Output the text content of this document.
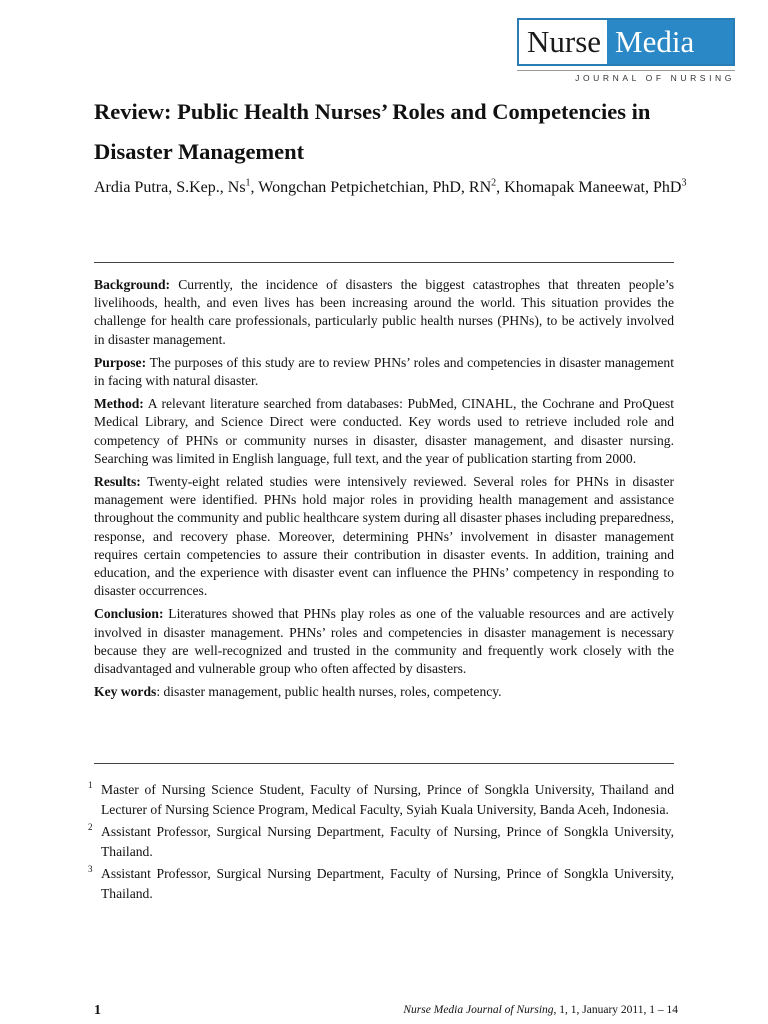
Nurse Media
JOURNAL OF NURSING
Review: Public Health Nurses’ Roles and Competencies in Disaster Management

Ardia Putra, S.Kep., Ns$^1$, Wongchan Petpichetchian, PhD, $RN^2$, Khomapak Maneewat, PhD$^3$

Background: Currently, the incidence of disasters the biggest catastrophes that threaten people’s livelihoods, health, and even lives has been increasing around the world. This situation provides the challenge for health care professionals, particularly public health nurses (PHNs), to be actively involved in disaster management.

Purpose: The purposes of this study are to review PHNs’ roles and competencies in disaster management in facing with natural disaster.

Method: A relevant literature searched from databases: PubMed, CINAHL, the Cochrane and ProQuest Medical Library, and Science Direct were conducted. Key words used to retrieve included role and competency of PHNs or community nurses in disaster, disaster management, and disaster nursing. Searching was limited in English language, full text, and the year of publication starting from 2000.

Results: Twenty-eight related studies were intensively reviewed. Several roles for PHNs in disaster management were identified. PHNs hold major roles in providing health management and assistance throughout the community and public healthcare system during all disaster phases including preparedness, response, and recovery phase. Moreover, determining PHNs’ involvement in disaster management requires certain competencies to assure their contribution in disaster events. In addition, training and education, and the experience with disaster event can influence the PHNs’ competency in responding to disaster occurrences.

Conclusion: Literatures showed that PHNs play roles as one of the valuable resources and are actively involved in disaster management. PHNs’ roles and competencies in disaster management is necessary because they are well-recognized and trusted in the community and frequently work closely with the disadvantaged and vulnerable group who often affected by disasters.

Key words: disaster management, public health nurses, roles, competency.

1 Master of Nursing Science Student, Faculty of Nursing, Prince of Songkla University, Thailand and Lecturer of Nursing Science Program, Medical Faculty, Syiah Kuala University, Banda Aceh, Indonesia.

2 Assistant Professor, Surgical Nursing Department, Faculty of Nursing, Prince of Songkla University, Thailand.

3 Assistant Professor, Surgical Nursing Department, Faculty of Nursing, Prince of Songkla University, Thailand.

1	Nurse Media Journal of Nursing, 1, 1, January 2011, 1 – 14
